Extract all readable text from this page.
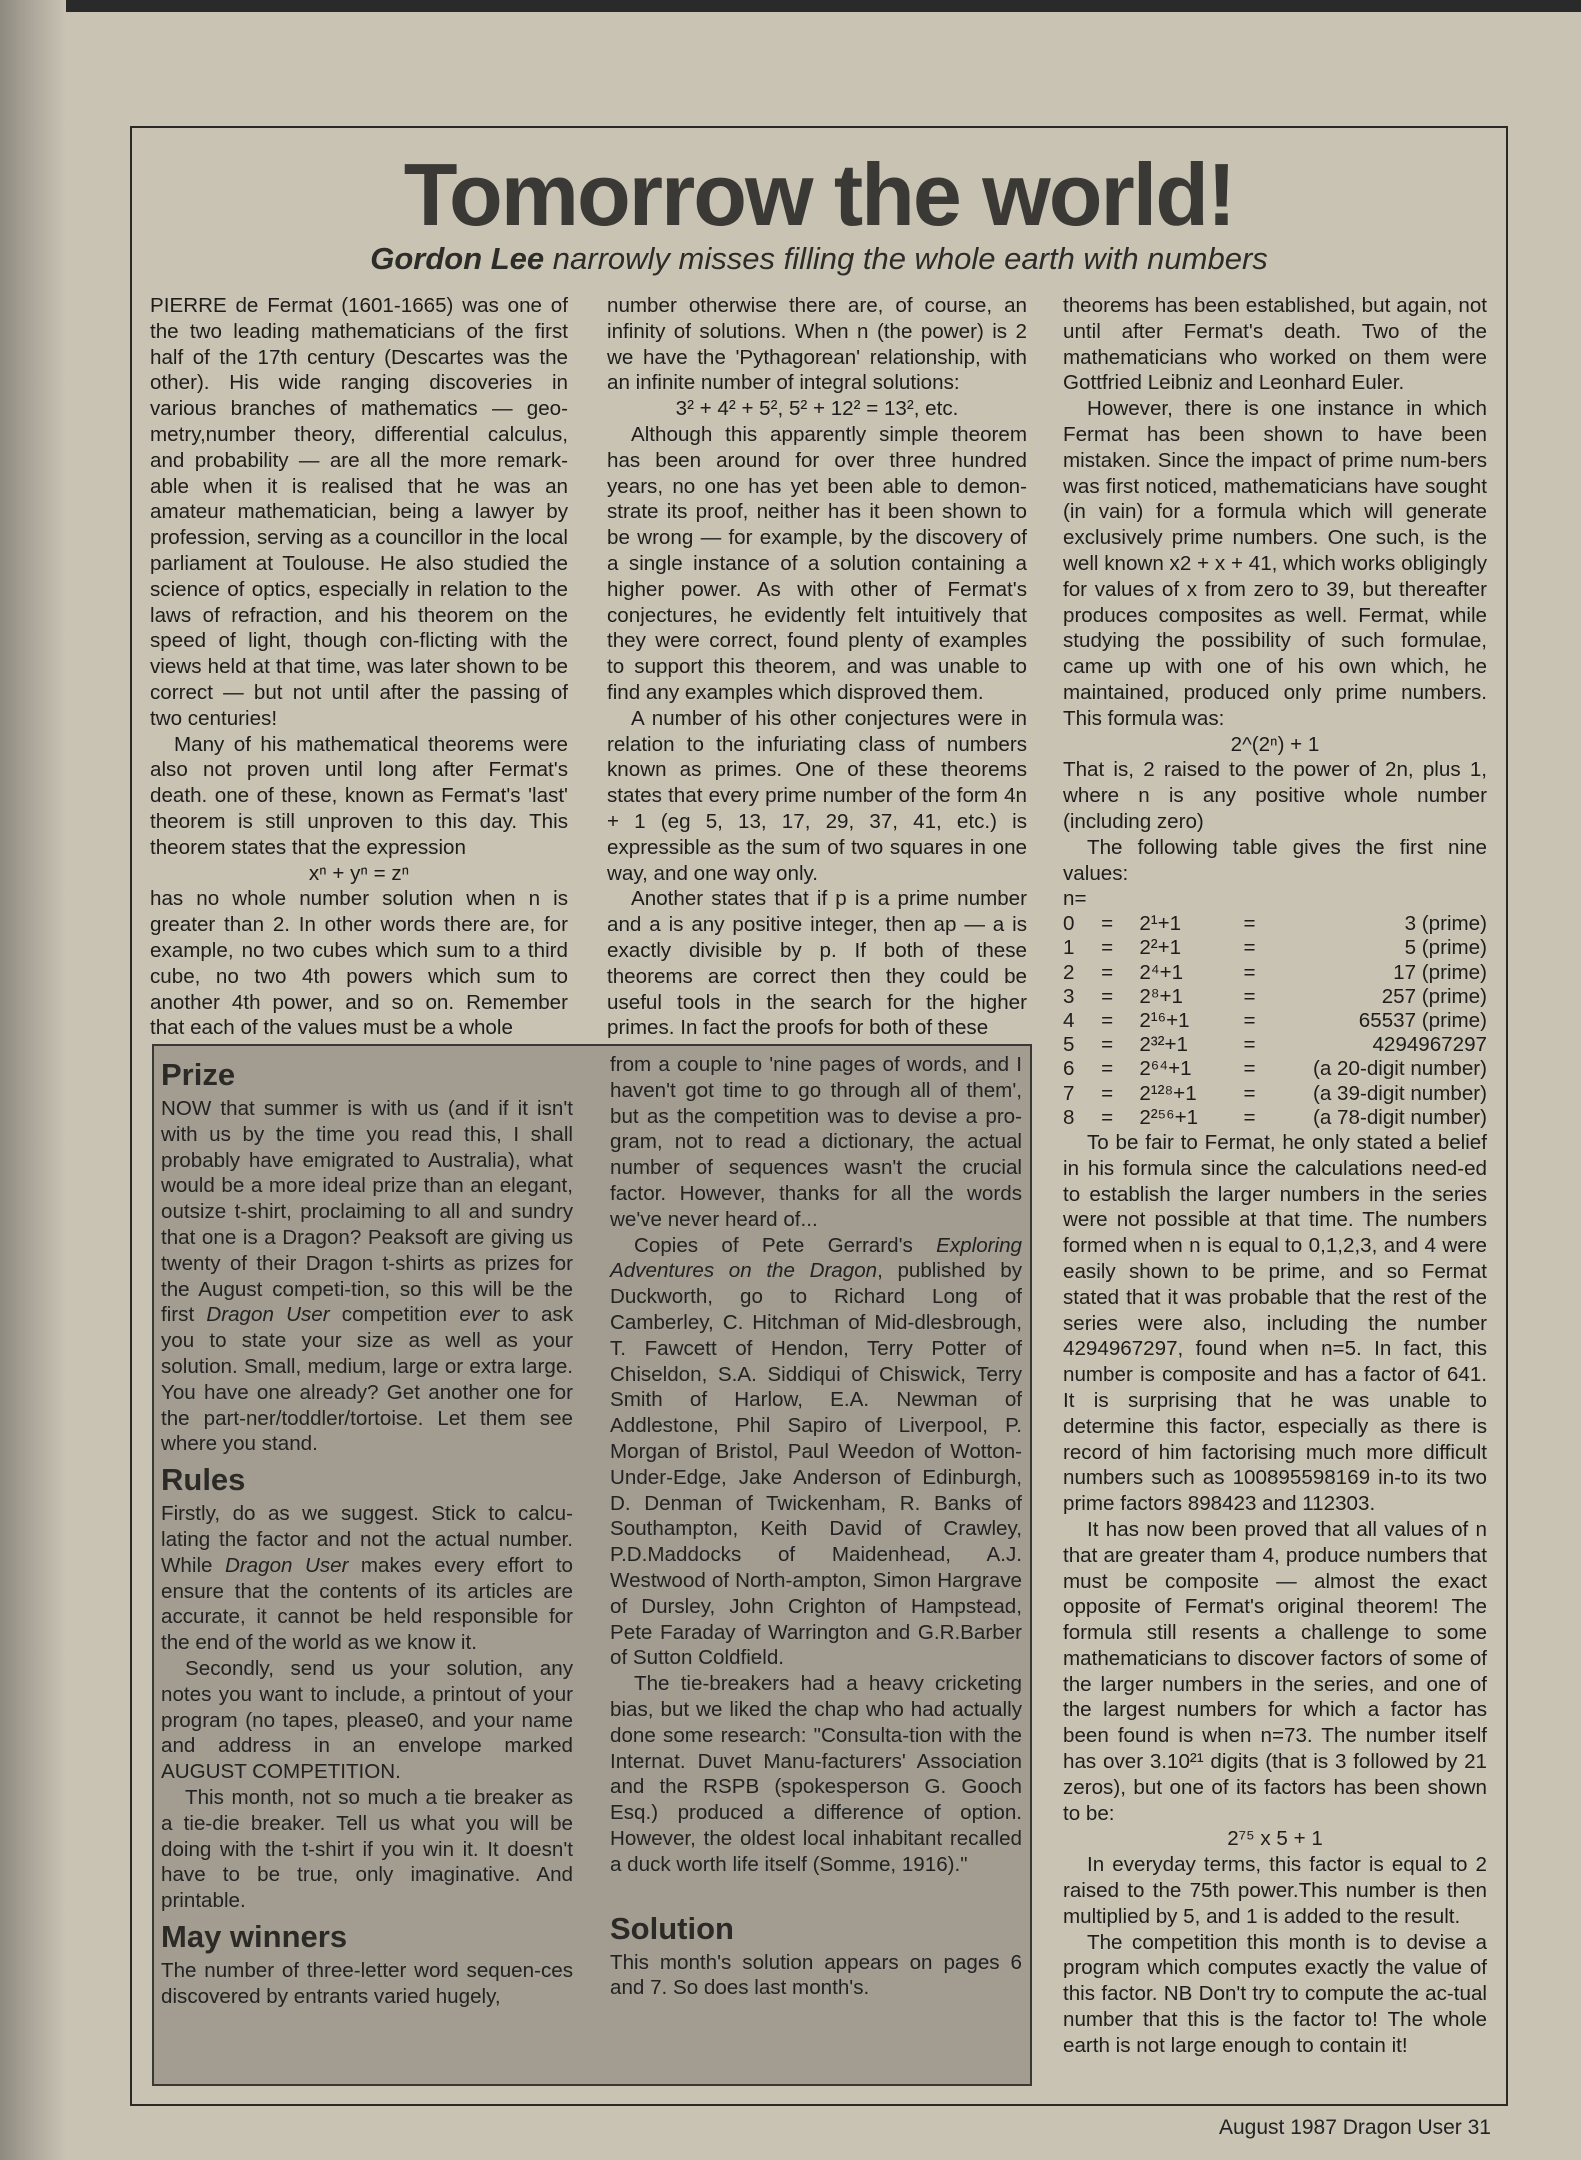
Tomorrow the world!

Gordon Lee narrowly misses filling the whole earth with numbers

PIERRE de Fermat (1601-1665) was one of the two leading mathematicians of the first half of the 17th century (Descartes was the other). His wide ranging discoveries in various branches of mathematics — geo-metry,number theory, differential calculus, and probability — are all the more remark-able when it is realised that he was an amateur mathematician, being a lawyer by profession, serving as a councillor in the local parliament at Toulouse. He also studied the science of optics, especially in relation to the laws of refraction, and his theorem on the speed of light, though con-flicting with the views held at that time, was later shown to be correct — but not until after the passing of two centuries!

Many of his mathematical theorems were also not proven until long after Fermat's death. one of these, known as Fermat's 'last' theorem is still unproven to this day. This theorem states that the expression

xⁿ + yⁿ = zⁿ

has no whole number solution when n is greater than 2. In other words there are, for example, no two cubes which sum to a third cube, no two 4th powers which sum to another 4th power, and so on. Remember that each of the values must be a whole

number otherwise there are, of course, an infinity of solutions. When n (the power) is 2 we have the 'Pythagorean' relationship, with an infinite number of integral solutions:

3² + 4² + 5², 5² + 12² = 13², etc.

Although this apparently simple theorem has been around for over three hundred years, no one has yet been able to demon-strate its proof, neither has it been shown to be wrong — for example, by the discovery of a single instance of a solution containing a higher power. As with other of Fermat's conjectures, he evidently felt intuitively that they were correct, found plenty of examples to support this theorem, and was unable to find any examples which disproved them.

A number of his other conjectures were in relation to the infuriating class of numbers known as primes. One of these theorems states that every prime number of the form 4n + 1 (eg 5, 13, 17, 29, 37, 41, etc.) is expressible as the sum of two squares in one way, and one way only.

Another states that if p is a prime number and a is any positive integer, then ap — a is exactly divisible by p. If both of these theorems are correct then they could be useful tools in the search for the higher primes. In fact the proofs for both of these

theorems has been established, but again, not until after Fermat's death. Two of the mathematicians who worked on them were Gottfried Leibniz and Leonhard Euler.

However, there is one instance in which Fermat has been shown to have been mistaken. Since the impact of prime num-bers was first noticed, mathematicians have sought (in vain) for a formula which will generate exclusively prime numbers. One such, is the well known x2 + x + 41, which works obligingly for values of x from zero to 39, but thereafter produces composites as well. Fermat, while studying the possibility of such formulae, came up with one of his own which, he maintained, produced only prime numbers. This formula was:

2^(2ⁿ) + 1

That is, 2 raised to the power of 2n, plus 1, where n is any positive whole number (including zero)

The following table gives the first nine values:

n=

0	=	2¹+1	=	3 (prime)
1	=	2²+1	=	5 (prime)
2	=	2⁴+1	=	17 (prime)
3	=	2⁸+1	=	257 (prime)
4	=	2¹⁶+1	=	65537 (prime)
5	=	2³²+1	=	4294967297
6	=	2⁶⁴+1	=	(a 20-digit number)
7	=	2¹²⁸+1	=	(a 39-digit number)
8	=	2²⁵⁶+1	=	(a 78-digit number)

To be fair to Fermat, he only stated a belief in his formula since the calculations need-ed to establish the larger numbers in the series were not possible at that time. The numbers formed when n is equal to 0,1,2,3, and 4 were easily shown to be prime, and so Fermat stated that it was probable that the rest of the series were also, including the number 4294967297, found when n=5. In fact, this number is composite and has a factor of 641. It is surprising that he was unable to determine this factor, especially as there is record of him factorising much more difficult numbers such as 100895598169 in-to its two prime factors 898423 and 112303.

It has now been proved that all values of n that are greater tham 4, produce numbers that must be composite — almost the exact opposite of Fermat's original theorem! The formula still resents a challenge to some mathematicians to discover factors of some of the larger numbers in the series, and one of the largest numbers for which a factor has been found is when n=73. The number itself has over 3.10²¹ digits (that is 3 followed by 21 zeros), but one of its factors has been shown to be:

2⁷⁵ x 5 + 1

In everyday terms, this factor is equal to 2 raised to the 75th power.This number is then multiplied by 5, and 1 is added to the result.

The competition this month is to devise a program which computes exactly the value of this factor. NB Don't try to compute the ac-tual number that this is the factor to! The whole earth is not large enough to contain it!

Prize

NOW that summer is with us (and if it isn't with us by the time you read this, I shall probably have emigrated to Australia), what would be a more ideal prize than an elegant, outsize t-shirt, proclaiming to all and sundry that one is a Dragon? Peaksoft are giving us twenty of their Dragon t-shirts as prizes for the August competi-tion, so this will be the first Dragon User competition ever to ask you to state your size as well as your solution. Small, medium, large or extra large. You have one already? Get another one for the part-ner/toddler/tortoise. Let them see where you stand.

Rules

Firstly, do as we suggest. Stick to calcu-lating the factor and not the actual number. While Dragon User makes every effort to ensure that the contents of its articles are accurate, it cannot be held responsible for the end of the world as we know it.

Secondly, send us your solution, any notes you want to include, a printout of your program (no tapes, please0, and your name and address in an envelope marked AUGUST COMPETITION.

This month, not so much a tie breaker as a tie-die breaker. Tell us what you will be doing with the t-shirt if you win it. It doesn't have to be true, only imaginative. And printable.

May winners

The number of three-letter word sequen-ces discovered by entrants varied hugely,

from a couple to 'nine pages of words, and I haven't got time to go through all of them', but as the competition was to devise a pro-gram, not to read a dictionary, the actual number of sequences wasn't the crucial factor. However, thanks for all the words we've never heard of...

Copies of Pete Gerrard's Exploring Adventures on the Dragon, published by Duckworth, go to Richard Long of Camberley, C. Hitchman of Mid-dlesbrough, T. Fawcett of Hendon, Terry Potter of Chiseldon, S.A. Siddiqui of Chiswick, Terry Smith of Harlow, E.A. Newman of Addlestone, Phil Sapiro of Liverpool, P. Morgan of Bristol, Paul Weedon of Wotton-Under-Edge, Jake Anderson of Edinburgh, D. Denman of Twickenham, R. Banks of Southampton, Keith David of Crawley, P.D.Maddocks of Maidenhead, A.J. Westwood of North-ampton, Simon Hargrave of Dursley, John Crighton of Hampstead, Pete Faraday of Warrington and G.R.Barber of Sutton Coldfield.

The tie-breakers had a heavy cricketing bias, but we liked the chap who had actually done some research: "Consulta-tion with the Internat. Duvet Manu-facturers' Association and the RSPB (spokesperson G. Gooch Esq.) produced a difference of option. However, the oldest local inhabitant recalled a duck worth life itself (Somme, 1916)."

Solution

This month's solution appears on pages 6 and 7. So does last month's.

August 1987 Dragon User 31
